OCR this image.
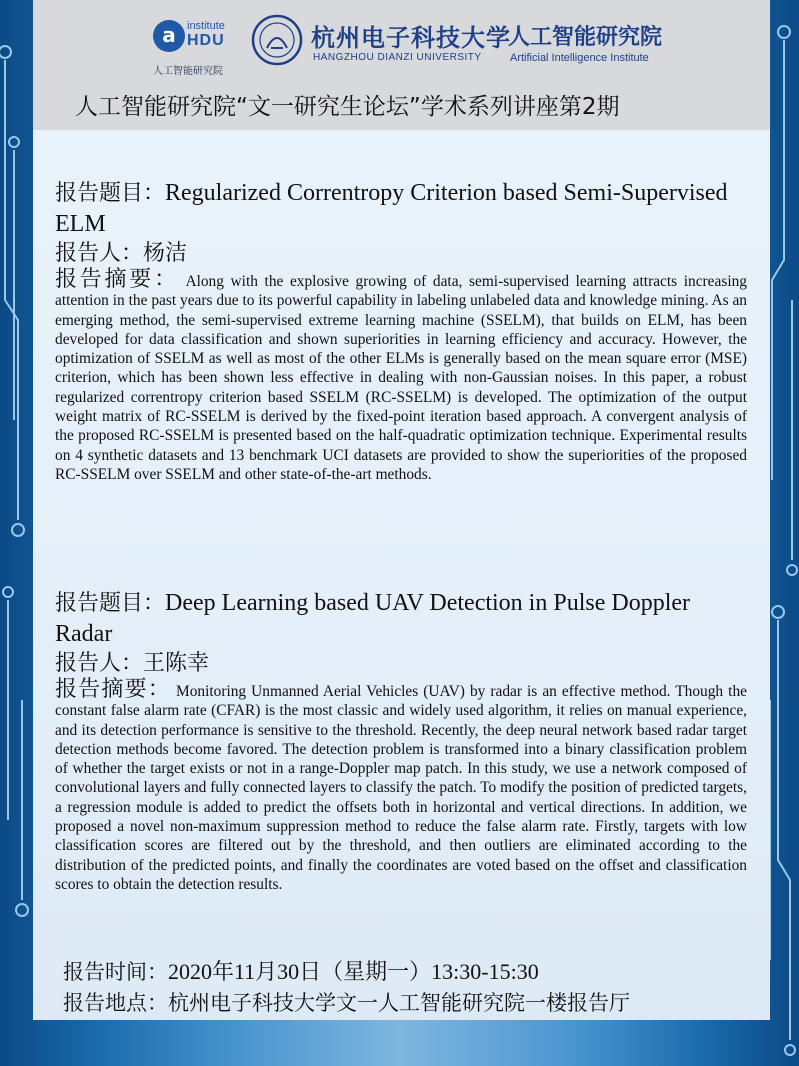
a	institute
HDU
人工智能研究院
杭州电子科技大学
HANGZHOU DIANZI UNIVERSITY
人工智能研究院
Artificial Intelligence Institute
人工智能研究院“文一研究生论坛”学术系列讲座第2期

报告题目：Regularized Correntropy Criterion based Semi-Supervised ELM

报告人：杨洁

报告摘要： Along with the explosive growing of data, semi-supervised learning attracts increasing attention in the past years due to its powerful capability in labeling unlabeled data and knowledge mining. As an emerging method, the semi-supervised extreme learning machine (SSELM), that builds on ELM, has been developed for data classification and shown superiorities in learning efficiency and accuracy. However, the optimization of SSELM as well as most of the other ELMs is generally based on the mean square error (MSE) criterion, which has been shown less effective in dealing with non-Gaussian noises. In this paper, a robust regularized correntropy criterion based SSELM (RC-SSELM) is developed. The optimization of the output weight matrix of RC-SSELM is derived by the fixed-point iteration based approach. A convergent analysis of the proposed RC-SSELM is presented based on the half-quadratic optimization technique. Experimental results on 4 synthetic datasets and 13 benchmark UCI datasets are provided to show the superiorities of the proposed RC-SSELM over SSELM and other state-of-the-art methods.

报告题目：Deep Learning based UAV Detection in Pulse Doppler Radar

报告人：王陈幸

报告摘要： Monitoring Unmanned Aerial Vehicles (UAV) by radar is an effective method. Though the constant false alarm rate (CFAR) is the most classic and widely used algorithm, it relies on manual experience, and its detection performance is sensitive to the threshold. Recently, the deep neural network based radar target detection methods become favored. The detection problem is transformed into a binary classification problem of whether the target exists or not in a range-Doppler map patch. In this study, we use a network composed of convolutional layers and fully connected layers to classify the patch. To modify the position of predicted targets, a regression module is added to predict the offsets both in horizontal and vertical directions. In addition, we proposed a novel non-maximum suppression method to reduce the false alarm rate. Firstly, targets with low classification scores are filtered out by the threshold, and then outliers are eliminated according to the distribution of the predicted points, and finally the coordinates are voted based on the offset and classification scores to obtain the detection results.

报告时间：2020年11月30日（星期一）13:30-15:30
报告地点：杭州电子科技大学文一人工智能研究院一楼报告厅
